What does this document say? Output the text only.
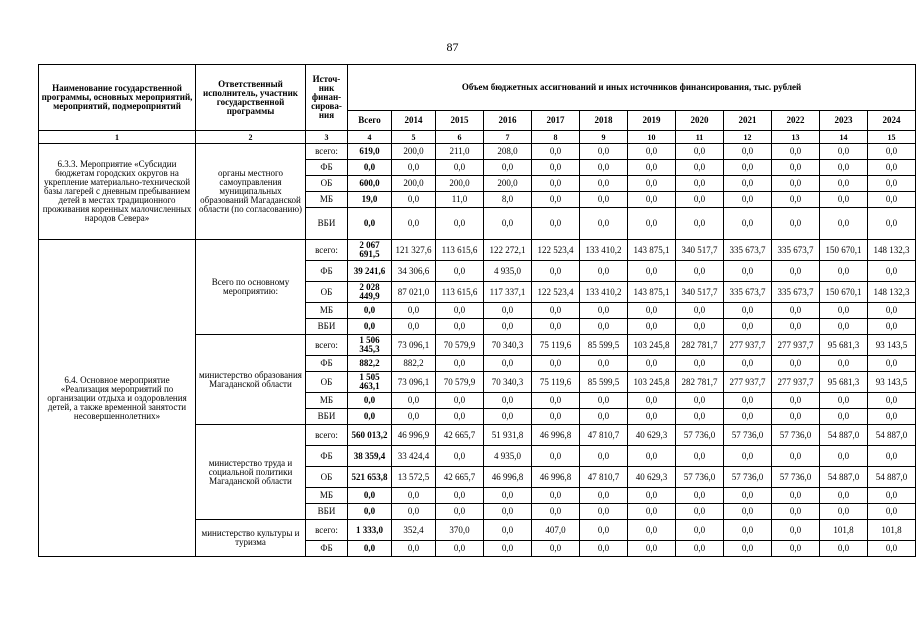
87
Наименование государственной программы, основных мероприятий, мероприятий, подмероприятий	Ответственный исполнитель, участник государственной программы	Источ-ник финан-сирова-ния	Объем бюджетных ассигнований и иных источников финансирования, тыс. рублей											
			Всего	2014	2015	2016	2017	2018	2019	2020	2021	2022	2023	2024
1	2	3	4	5	6	7	8	9	10	11	12	13	14	15
6.3.3. Мероприятие «Субсидии бюджетам городских округов на укрепление материально-технической базы лагерей с дневным пребыванием детей в местах традиционного проживания коренных малочисленных народов Севера»	органы местного самоуправления муниципальных образований Магаданской области (по согласованию)	всего:	619,0	200,0	211,0	208,0	0,0	0,0	0,0	0,0	0,0	0,0	0,0	0,0
		ФБ	0,0	0,0	0,0	0,0	0,0	0,0	0,0	0,0	0,0	0,0	0,0	0,0
		ОБ	600,0	200,0	200,0	200,0	0,0	0,0	0,0	0,0	0,0	0,0	0,0	0,0
		МБ	19,0	0,0	11,0	8,0	0,0	0,0	0,0	0,0	0,0	0,0	0,0	0,0
		ВБИ	0,0	0,0	0,0	0,0	0,0	0,0	0,0	0,0	0,0	0,0	0,0	0,0
6.4. Основное мероприятие «Реализация мероприятий по организации отдыха и оздоровления детей, а также временной занятости несовершеннолетних»	Всего по основному мероприятию:	всего:	2 067 691,5	121 327,6	113 615,6	122 272,1	122 523,4	133 410,2	143 875,1	340 517,7	335 673,7	335 673,7	150 670,1	148 132,3
		ФБ	39 241,6	34 306,6	0,0	4 935,0	0,0	0,0	0,0	0,0	0,0	0,0	0,0	0,0
		ОБ	2 028 449,9	87 021,0	113 615,6	117 337,1	122 523,4	133 410,2	143 875,1	340 517,7	335 673,7	335 673,7	150 670,1	148 132,3
		МБ	0,0	0,0	0,0	0,0	0,0	0,0	0,0	0,0	0,0	0,0	0,0	0,0
		ВБИ	0,0	0,0	0,0	0,0	0,0	0,0	0,0	0,0	0,0	0,0	0,0	0,0
	министерство образования Магаданской области	всего:	1 506 345,3	73 096,1	70 579,9	70 340,3	75 119,6	85 599,5	103 245,8	282 781,7	277 937,7	277 937,7	95 681,3	93 143,5
		ФБ	882,2	882,2	0,0	0,0	0,0	0,0	0,0	0,0	0,0	0,0	0,0	0,0
		ОБ	1 505 463,1	73 096,1	70 579,9	70 340,3	75 119,6	85 599,5	103 245,8	282 781,7	277 937,7	277 937,7	95 681,3	93 143,5
		МБ	0,0	0,0	0,0	0,0	0,0	0,0	0,0	0,0	0,0	0,0	0,0	0,0
		ВБИ	0,0	0,0	0,0	0,0	0,0	0,0	0,0	0,0	0,0	0,0	0,0	0,0
	министерство труда и социальной политики Магаданской области	всего:	560 013,2	46 996,9	42 665,7	51 931,8	46 996,8	47 810,7	40 629,3	57 736,0	57 736,0	57 736,0	54 887,0	54 887,0
		ФБ	38 359,4	33 424,4	0,0	4 935,0	0,0	0,0	0,0	0,0	0,0	0,0	0,0	0,0
		ОБ	521 653,8	13 572,5	42 665,7	46 996,8	46 996,8	47 810,7	40 629,3	57 736,0	57 736,0	57 736,0	54 887,0	54 887,0
		МБ	0,0	0,0	0,0	0,0	0,0	0,0	0,0	0,0	0,0	0,0	0,0	0,0
		ВБИ	0,0	0,0	0,0	0,0	0,0	0,0	0,0	0,0	0,0	0,0	0,0	0,0
	министерство культуры и туризма	всего:	1 333,0	352,4	370,0	0,0	407,0	0,0	0,0	0,0	0,0	0,0	101,8	101,8
		ФБ	0,0	0,0	0,0	0,0	0,0	0,0	0,0	0,0	0,0	0,0	0,0	0,0
